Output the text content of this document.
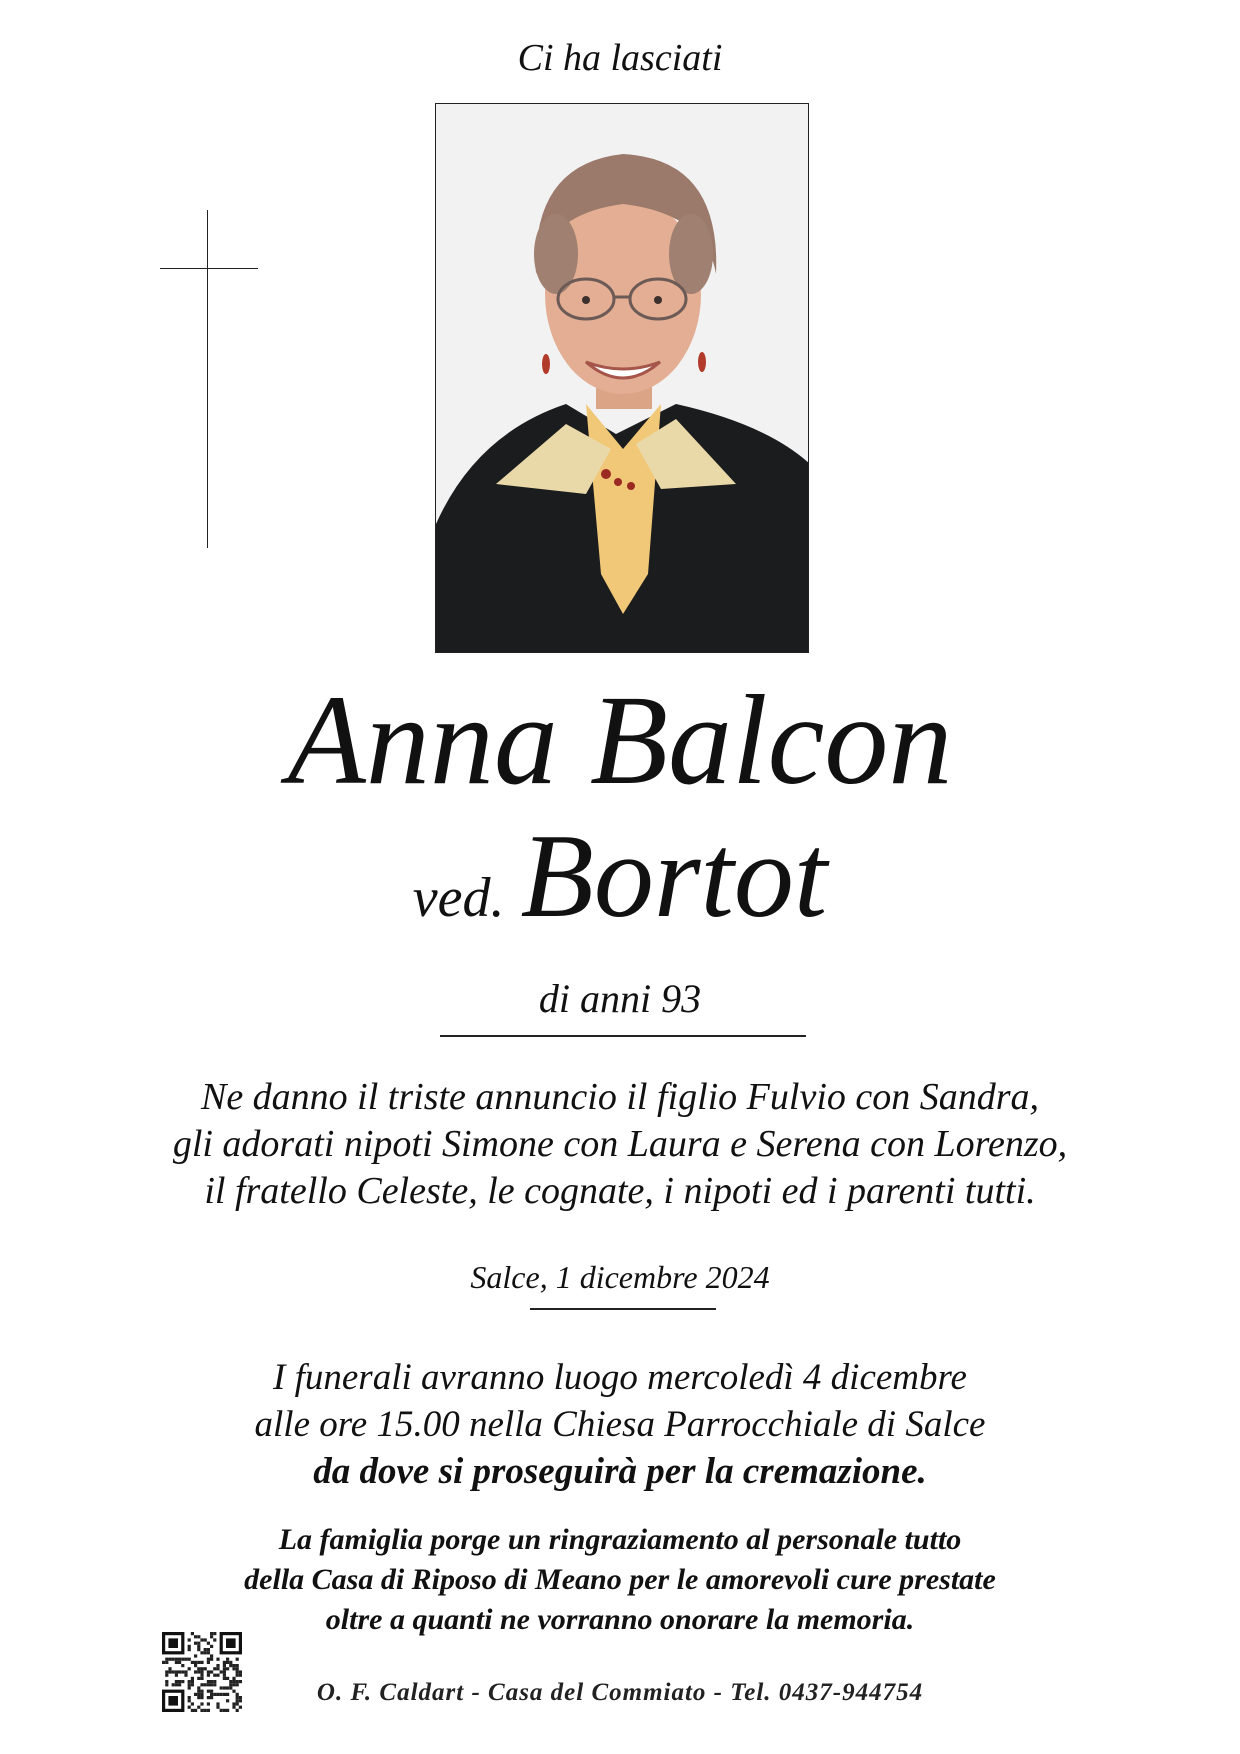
Ci ha lasciati
Anna Balcon
ved. Bortot
di anni 93
Ne danno il triste annuncio il figlio Fulvio con Sandra,
gli adorati nipoti Simone con Laura e Serena con Lorenzo,
il fratello Celeste, le cognate, i nipoti ed i parenti tutti.
Salce, 1 dicembre 2024
I funerali avranno luogo mercoledì 4 dicembre
alle ore 15.00 nella Chiesa Parrocchiale di Salce
da dove si proseguirà per la cremazione.
La famiglia porge un ringraziamento al personale tutto
della Casa di Riposo di Meano per le amorevoli cure prestate
oltre a quanti ne vorranno onorare la memoria.
O. F. Caldart - Casa del Commiato - Tel. 0437-944754
